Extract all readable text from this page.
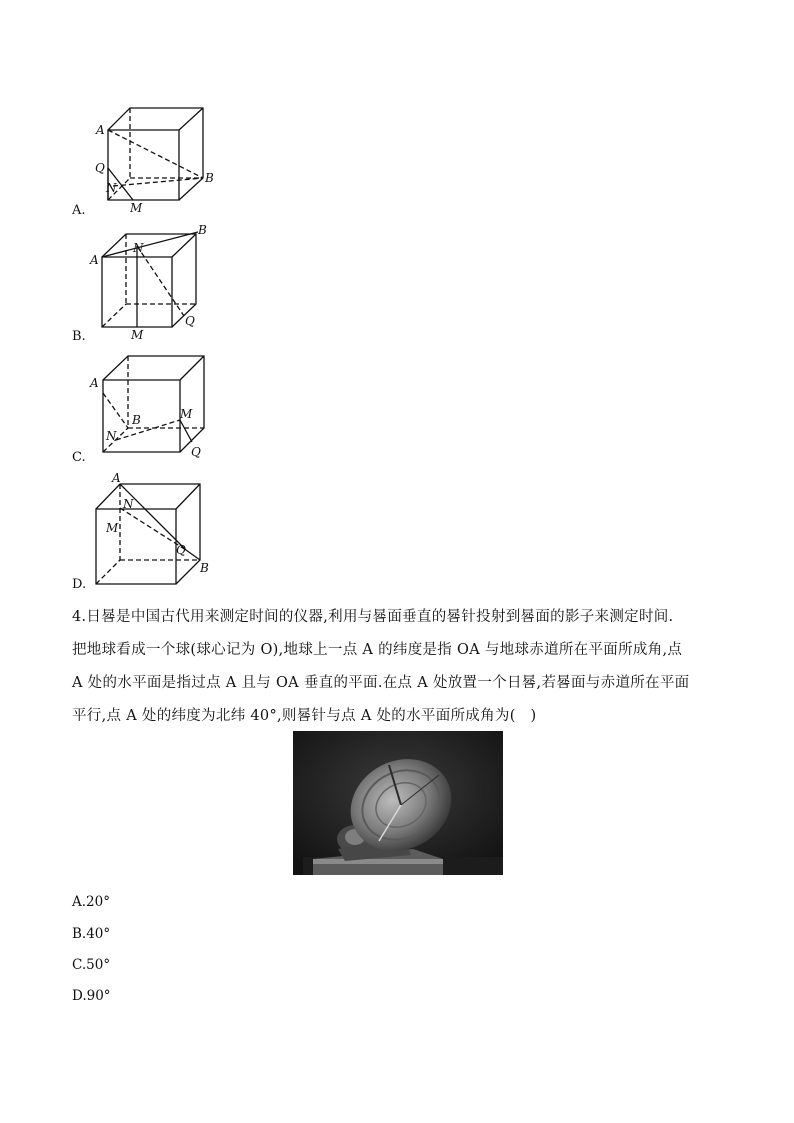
A.
A
B
Q
N
M
B.
A
N
B
M
Q
C.
A
B	M
N
Q
D.
A
N
M
Q
B
4.日晷是中国古代用来测定时间的仪器,利用与晷面垂直的晷针投射到晷面的影子来测定时间.
把地球看成一个球(球心记为 O),地球上一点 A 的纬度是指 OA 与地球赤道所在平面所成角,点
A 处的水平面是指过点 A 且与 OA 垂直的平面.在点 A 处放置一个日晷,若晷面与赤道所在平面
平行,点 A 处的纬度为北纬 40°,则晷针与点 A 处的水平面所成角为(　)
A.20°
B.40°
C.50°
D.90°
